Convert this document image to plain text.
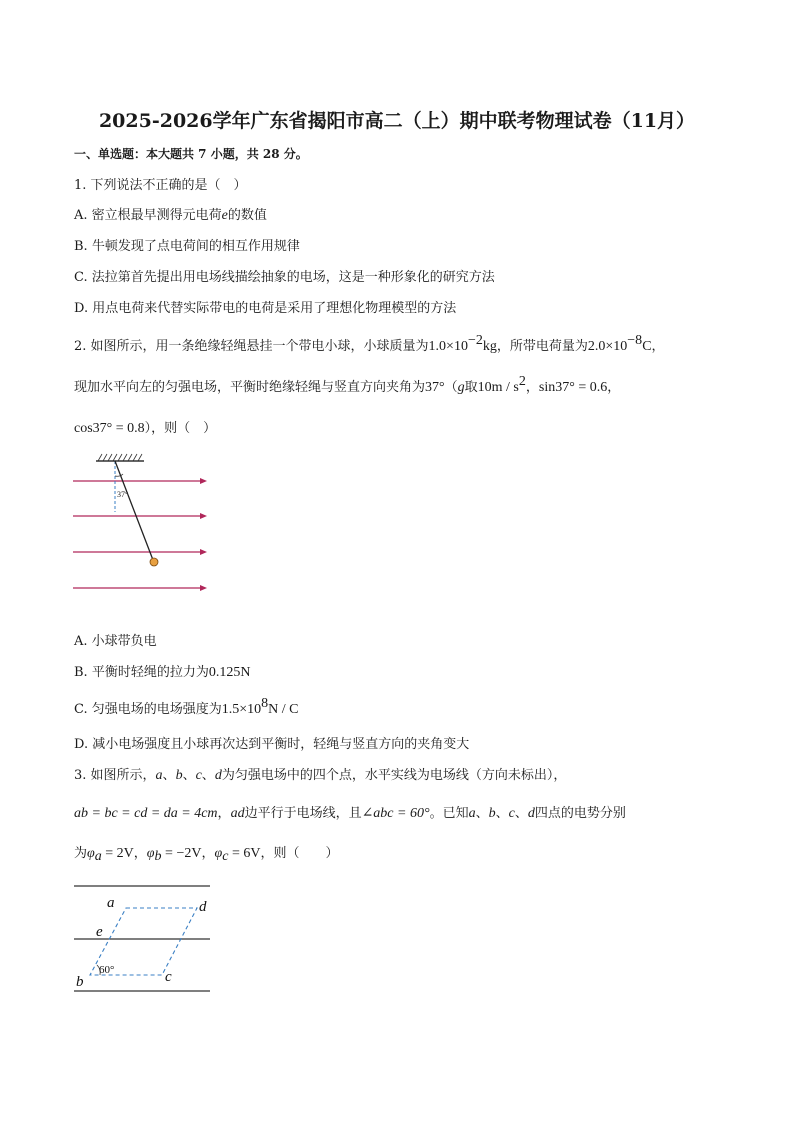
2025-2026学年广东省揭阳市高二（上）期中联考物理试卷（11月）
一、单选题：本大题共 7 小题，共 28 分。
1. 下列说法不正确的是（　）
A. 密立根最早测得元电荷e的数值
B. 牛顿发现了点电荷间的相互作用规律
C. 法拉第首先提出用电场线描绘抽象的电场，这是一种形象化的研究方法
D. 用点电荷来代替实际带电的电荷是采用了理想化物理模型的方法
2. 如图所示，用一条绝缘轻绳悬挂一个带电小球，小球质量为$1.0\times 10^{-2}kg$，所带电荷量为$2.0\times 10^{-8}C$，
现加水平向左的匀强电场，平衡时绝缘轻绳与竖直方向夹角为37°（g取$10m / s^2$，sin37° = 0.6，
cos37° = 0.8），则（　）
37°
A. 小球带负电
B. 平衡时轻绳的拉力为0.125N
C. 匀强电场的电场强度为$1.5\times 10^8N / C$
D. 减小电场强度且小球再次达到平衡时，轻绳与竖直方向的夹角变大
3. 如图所示，a、b、c、d为匀强电场中的四个点，水平实线为电场线（方向未标出），
ab = bc = cd = da = 4cm，ad边平行于电场线，且∠abc = 60°。已知a、b、c、d四点的电势分别
为$\varphi_a = 2V$，$\varphi_b = -2V$，$\varphi_c = 6V$，则（　　）
a	d
e
b	c
60°
